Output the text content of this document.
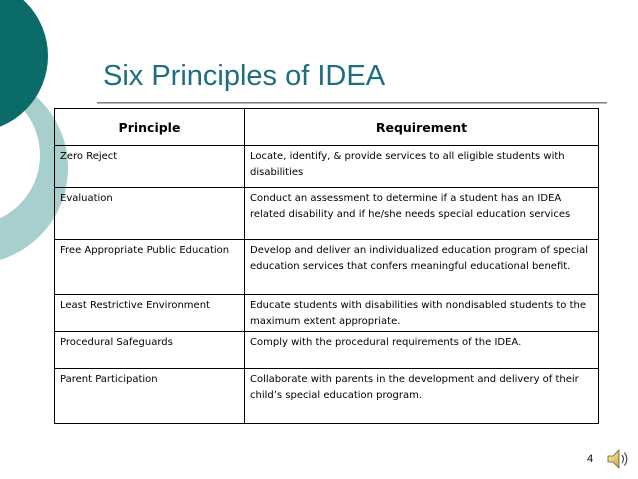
Six Principles of IDEA
Principle	Requirement
Zero Reject	Locate, identify, & provide services to all eligible students with disabilities
Evaluation	Conduct an assessment to determine if a student has an IDEA related disability and if he/she needs special education services
Free Appropriate Public Education	Develop and deliver an individualized education program of special education services that confers meaningful educational benefit.
Least Restrictive Environment	Educate students with disabilities with nondisabled students to the maximum extent appropriate.
Procedural Safeguards	Comply with the procedural requirements of the IDEA.
Parent Participation	Collaborate with parents in the development and delivery of their child’s special education program.
4
